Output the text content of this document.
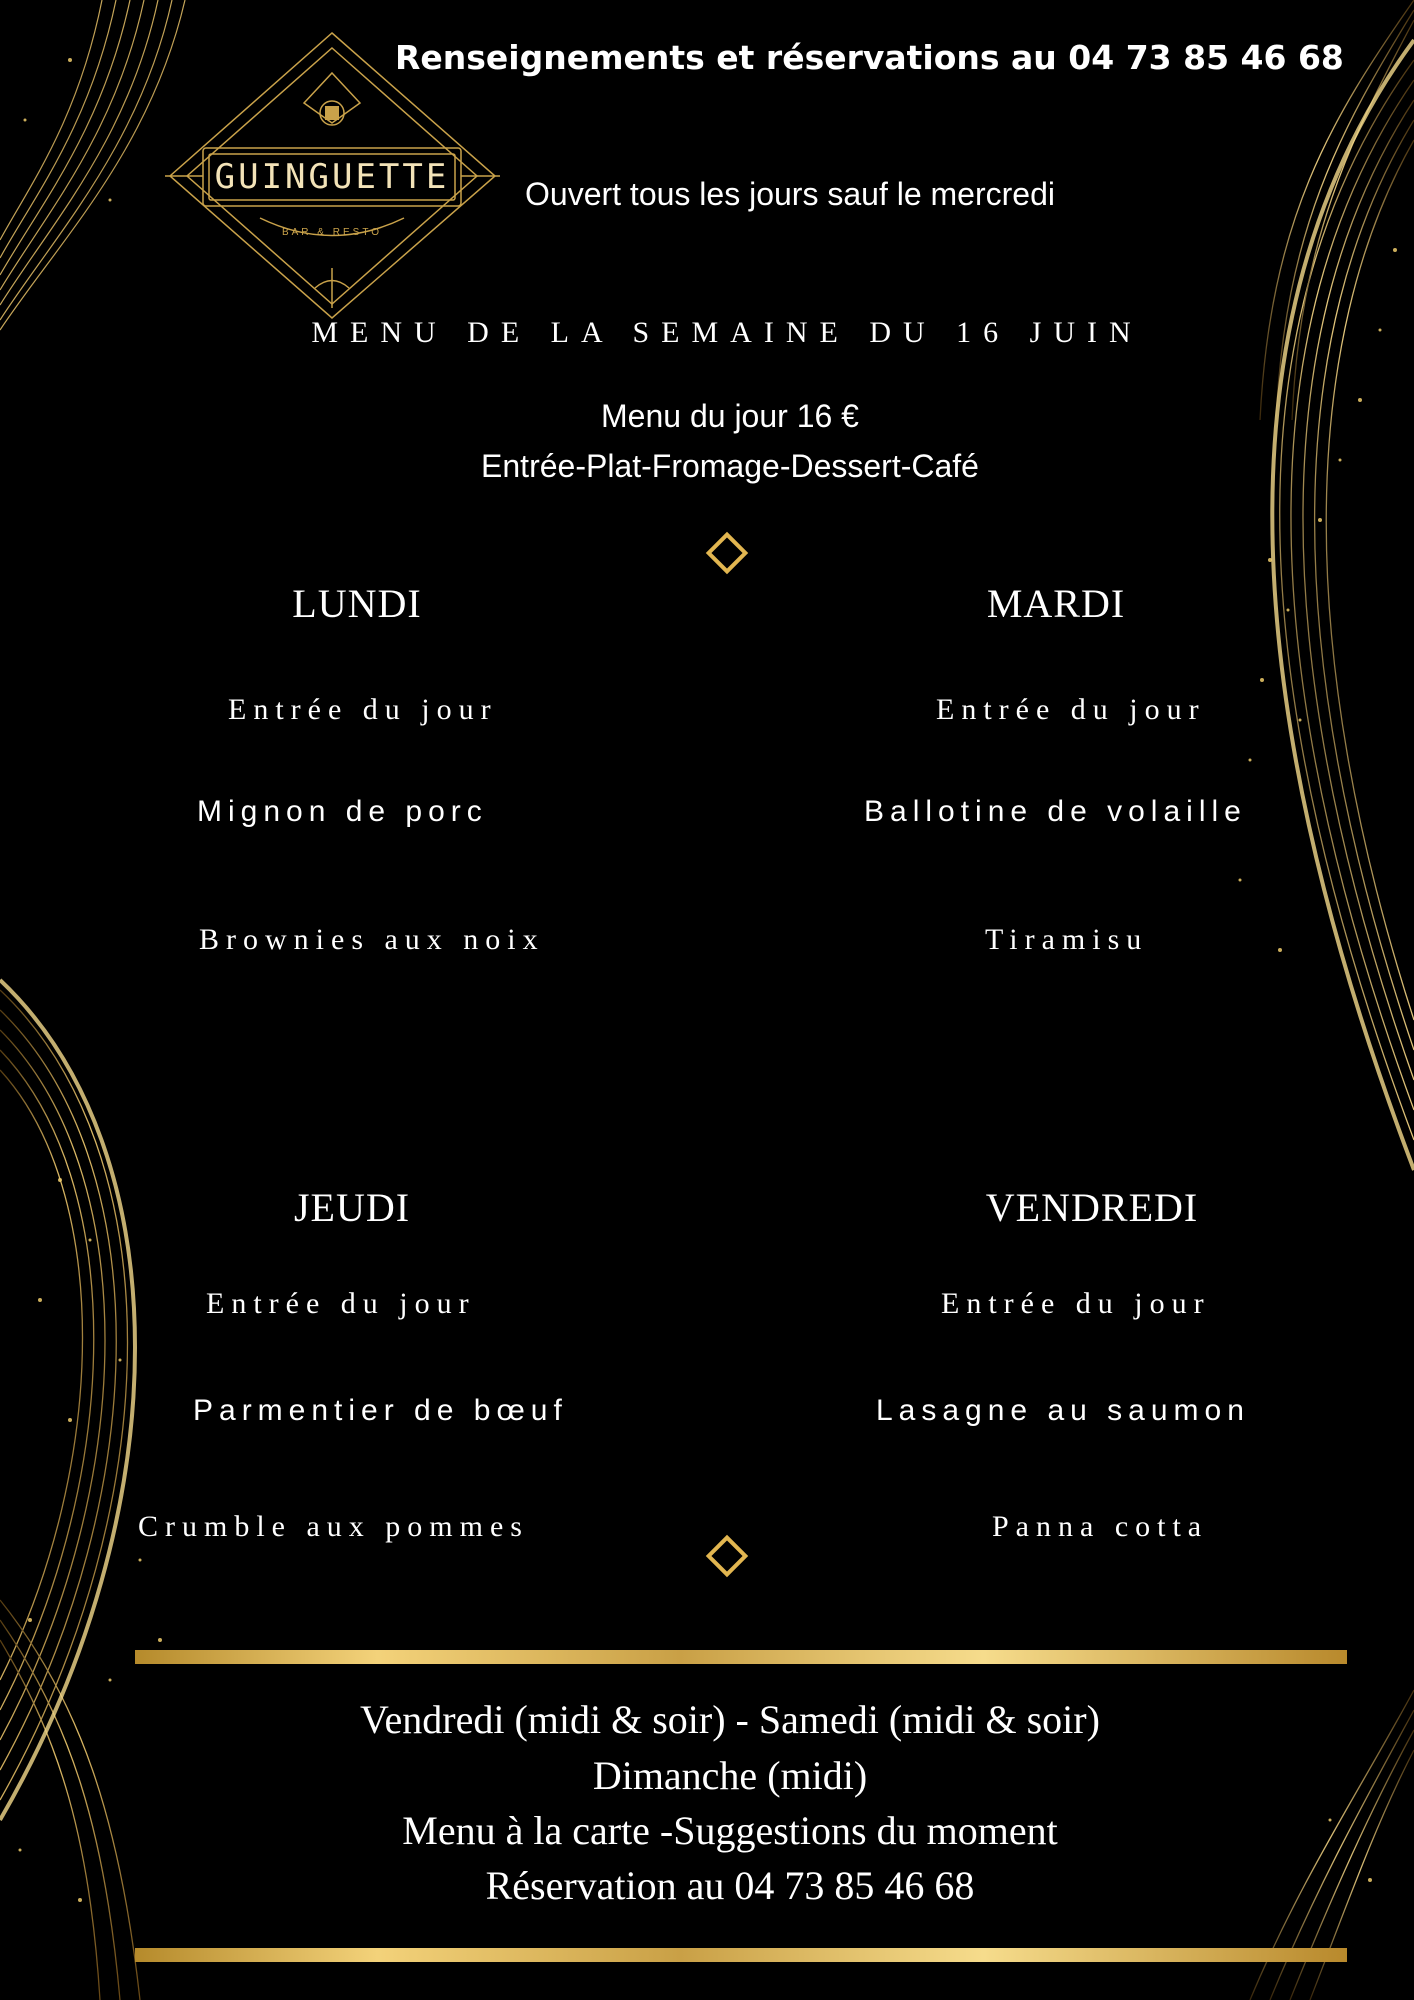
GUINGUETTE
BAR & RESTO
Renseignements et réservations au 04 73 85 46 68
Ouvert tous les jours sauf le mercredi
MENU DE LA SEMAINE DU 16 JUIN
Menu du jour 16 €
Entrée-Plat-Fromage-Dessert-Café
LUNDI
Entrée du jour
Mignon de porc
Brownies aux noix
MARDI
Entrée du jour
Ballotine de volaille
Tiramisu
JEUDI
Entrée du jour
Parmentier de bœuf
Crumble aux pommes
VENDREDI
Entrée du jour
Lasagne au saumon
Panna cotta
Vendredi (midi & soir) - Samedi (midi & soir)
Dimanche (midi)
Menu à la carte -Suggestions du moment
Réservation au 04 73 85 46 68
